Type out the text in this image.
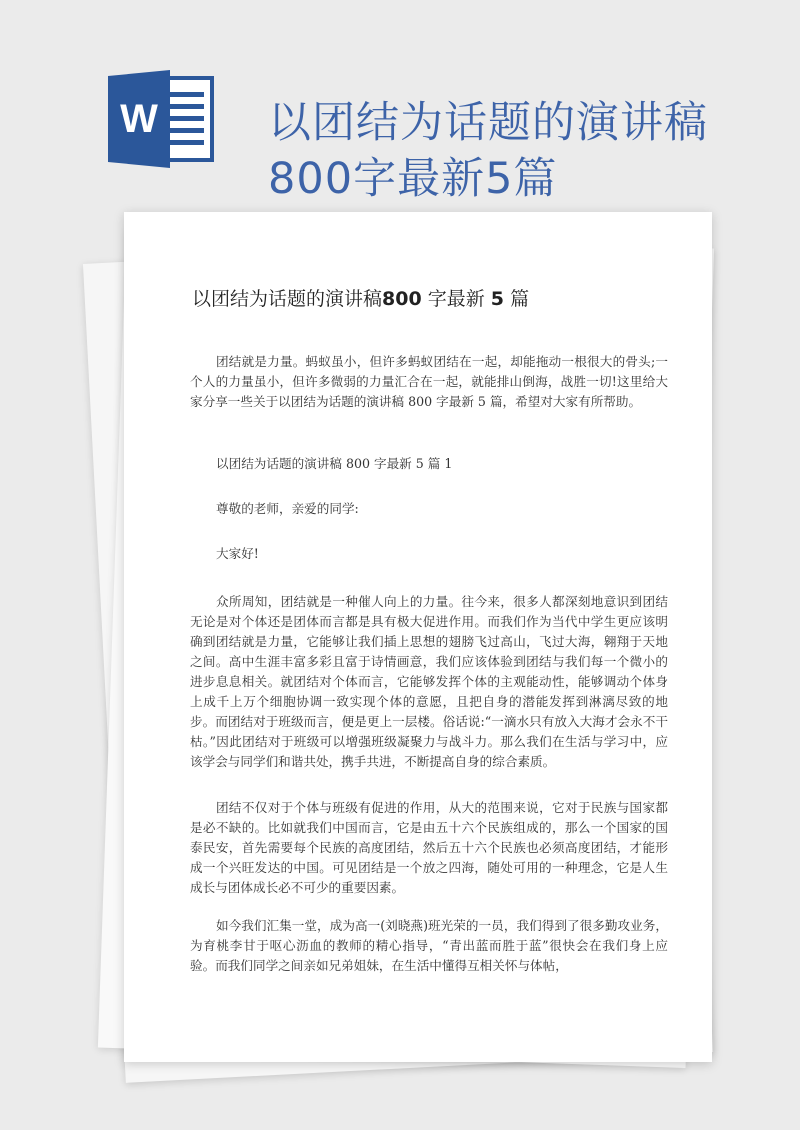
W	以团结为话题的演讲稿
800字最新5篇
以团结为话题的演讲稿800 字最新 5 篇

团结就是力量。蚂蚁虽小，但许多蚂蚁团结在一起，却能拖动一根很大的骨头;一个人的力量虽小，但许多微弱的力量汇合在一起，就能排山倒海，战胜一切!这里给大家分享一些关于以团结为话题的演讲稿 800 字最新 5 篇，希望对大家有所帮助。

以团结为话题的演讲稿 800 字最新 5 篇 1

尊敬的老师，亲爱的同学:

大家好!

众所周知，团结就是一种催人向上的力量。往今来，很多人都深刻地意识到团结无论是对个体还是团体而言都是具有极大促进作用。而我们作为当代中学生更应该明确到团结就是力量，它能够让我们插上思想的翅膀飞过高山，飞过大海，翱翔于天地之间。高中生涯丰富多彩且富于诗情画意，我们应该体验到团结与我们每一个微小的进步息息相关。就团结对个体而言，它能够发挥个体的主观能动性，能够调动个体身上成千上万个细胞协调一致实现个体的意愿，且把自身的潜能发挥到淋漓尽致的地步。而团结对于班级而言，便是更上一层楼。俗话说:“一滴水只有放入大海才会永不干枯。”因此团结对于班级可以增强班级凝聚力与战斗力。那么我们在生活与学习中，应该学会与同学们和谐共处，携手共进，不断提高自身的综合素质。

团结不仅对于个体与班级有促进的作用，从大的范围来说，它对于民族与国家都是必不缺的。比如就我们中国而言，它是由五十六个民族组成的，那么一个国家的国泰民安，首先需要每个民族的高度团结，然后五十六个民族也必须高度团结，才能形成一个兴旺发达的中国。可见团结是一个放之四海，随处可用的一种理念，它是人生成长与团体成长必不可少的重要因素。

如今我们汇集一堂，成为高一(刘晓燕)班光荣的一员，我们得到了很多勤攻业务，为育桃李甘于呕心沥血的教师的精心指导，“青出蓝而胜于蓝”很快会在我们身上应验。而我们同学之间亲如兄弟姐妹，在生活中懂得互相关怀与体帖，
